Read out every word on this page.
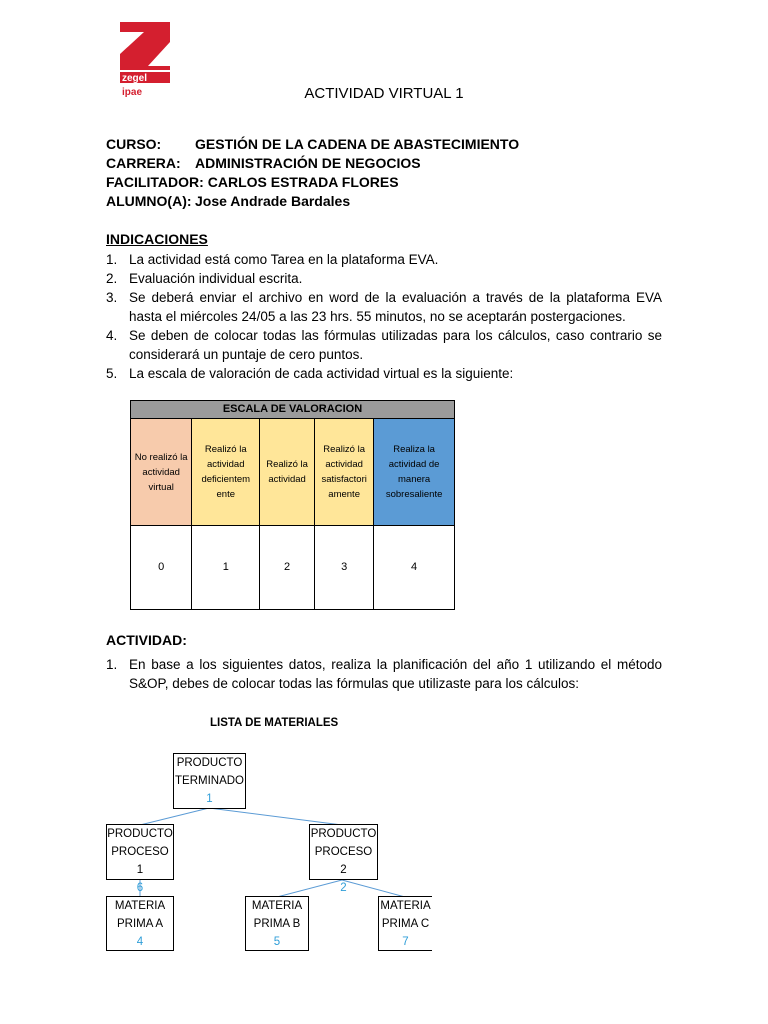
zegel
ipae	ACTIVIDAD VIRTUAL 1
CURSO: GESTIÓN DE LA CADENA DE ABASTECIMIENTO
CARRERA: ADMINISTRACIÓN DE NEGOCIOS
FACILITADOR: CARLOS ESTRADA FLORES
ALUMNO(A): Jose Andrade Bardales
INDICACIONES
1. La actividad está como Tarea en la plataforma EVA.
2. Evaluación individual escrita.
3. Se deberá enviar el archivo en word de la evaluación a través de la plataforma EVA hasta el miércoles 24/05 a las 23 hrs. 55 minutos, no se aceptarán postergaciones.
4. Se deben de colocar todas las fórmulas utilizadas para los cálculos, caso contrario se considerará un puntaje de cero puntos.
5. La escala de valoración de cada actividad virtual es la siguiente:
ESCALA DE VALORACION				
No realizó la actividad virtual	Realizó la actividad deficientem ente	Realizó la actividad	Realizó la actividad satisfactori amente	Realiza la actividad de manera sobresaliente
0	1	2	3	4
ACTIVIDAD:
1. En base a los siguientes datos, realiza la planificación del año 1 utilizando el método S&OP, debes de colocar todas las fórmulas que utilizaste para los cálculos:
LISTA DE MATERIALES
PRODUCTO
TERMINADO
1
PRODUCTO
PROCESO 1
6
PRODUCTO
PROCESO 2
2
MATERIA
PRIMA A
4
MATERIA
PRIMA B
5
MATERIA
PRIMA C
7
